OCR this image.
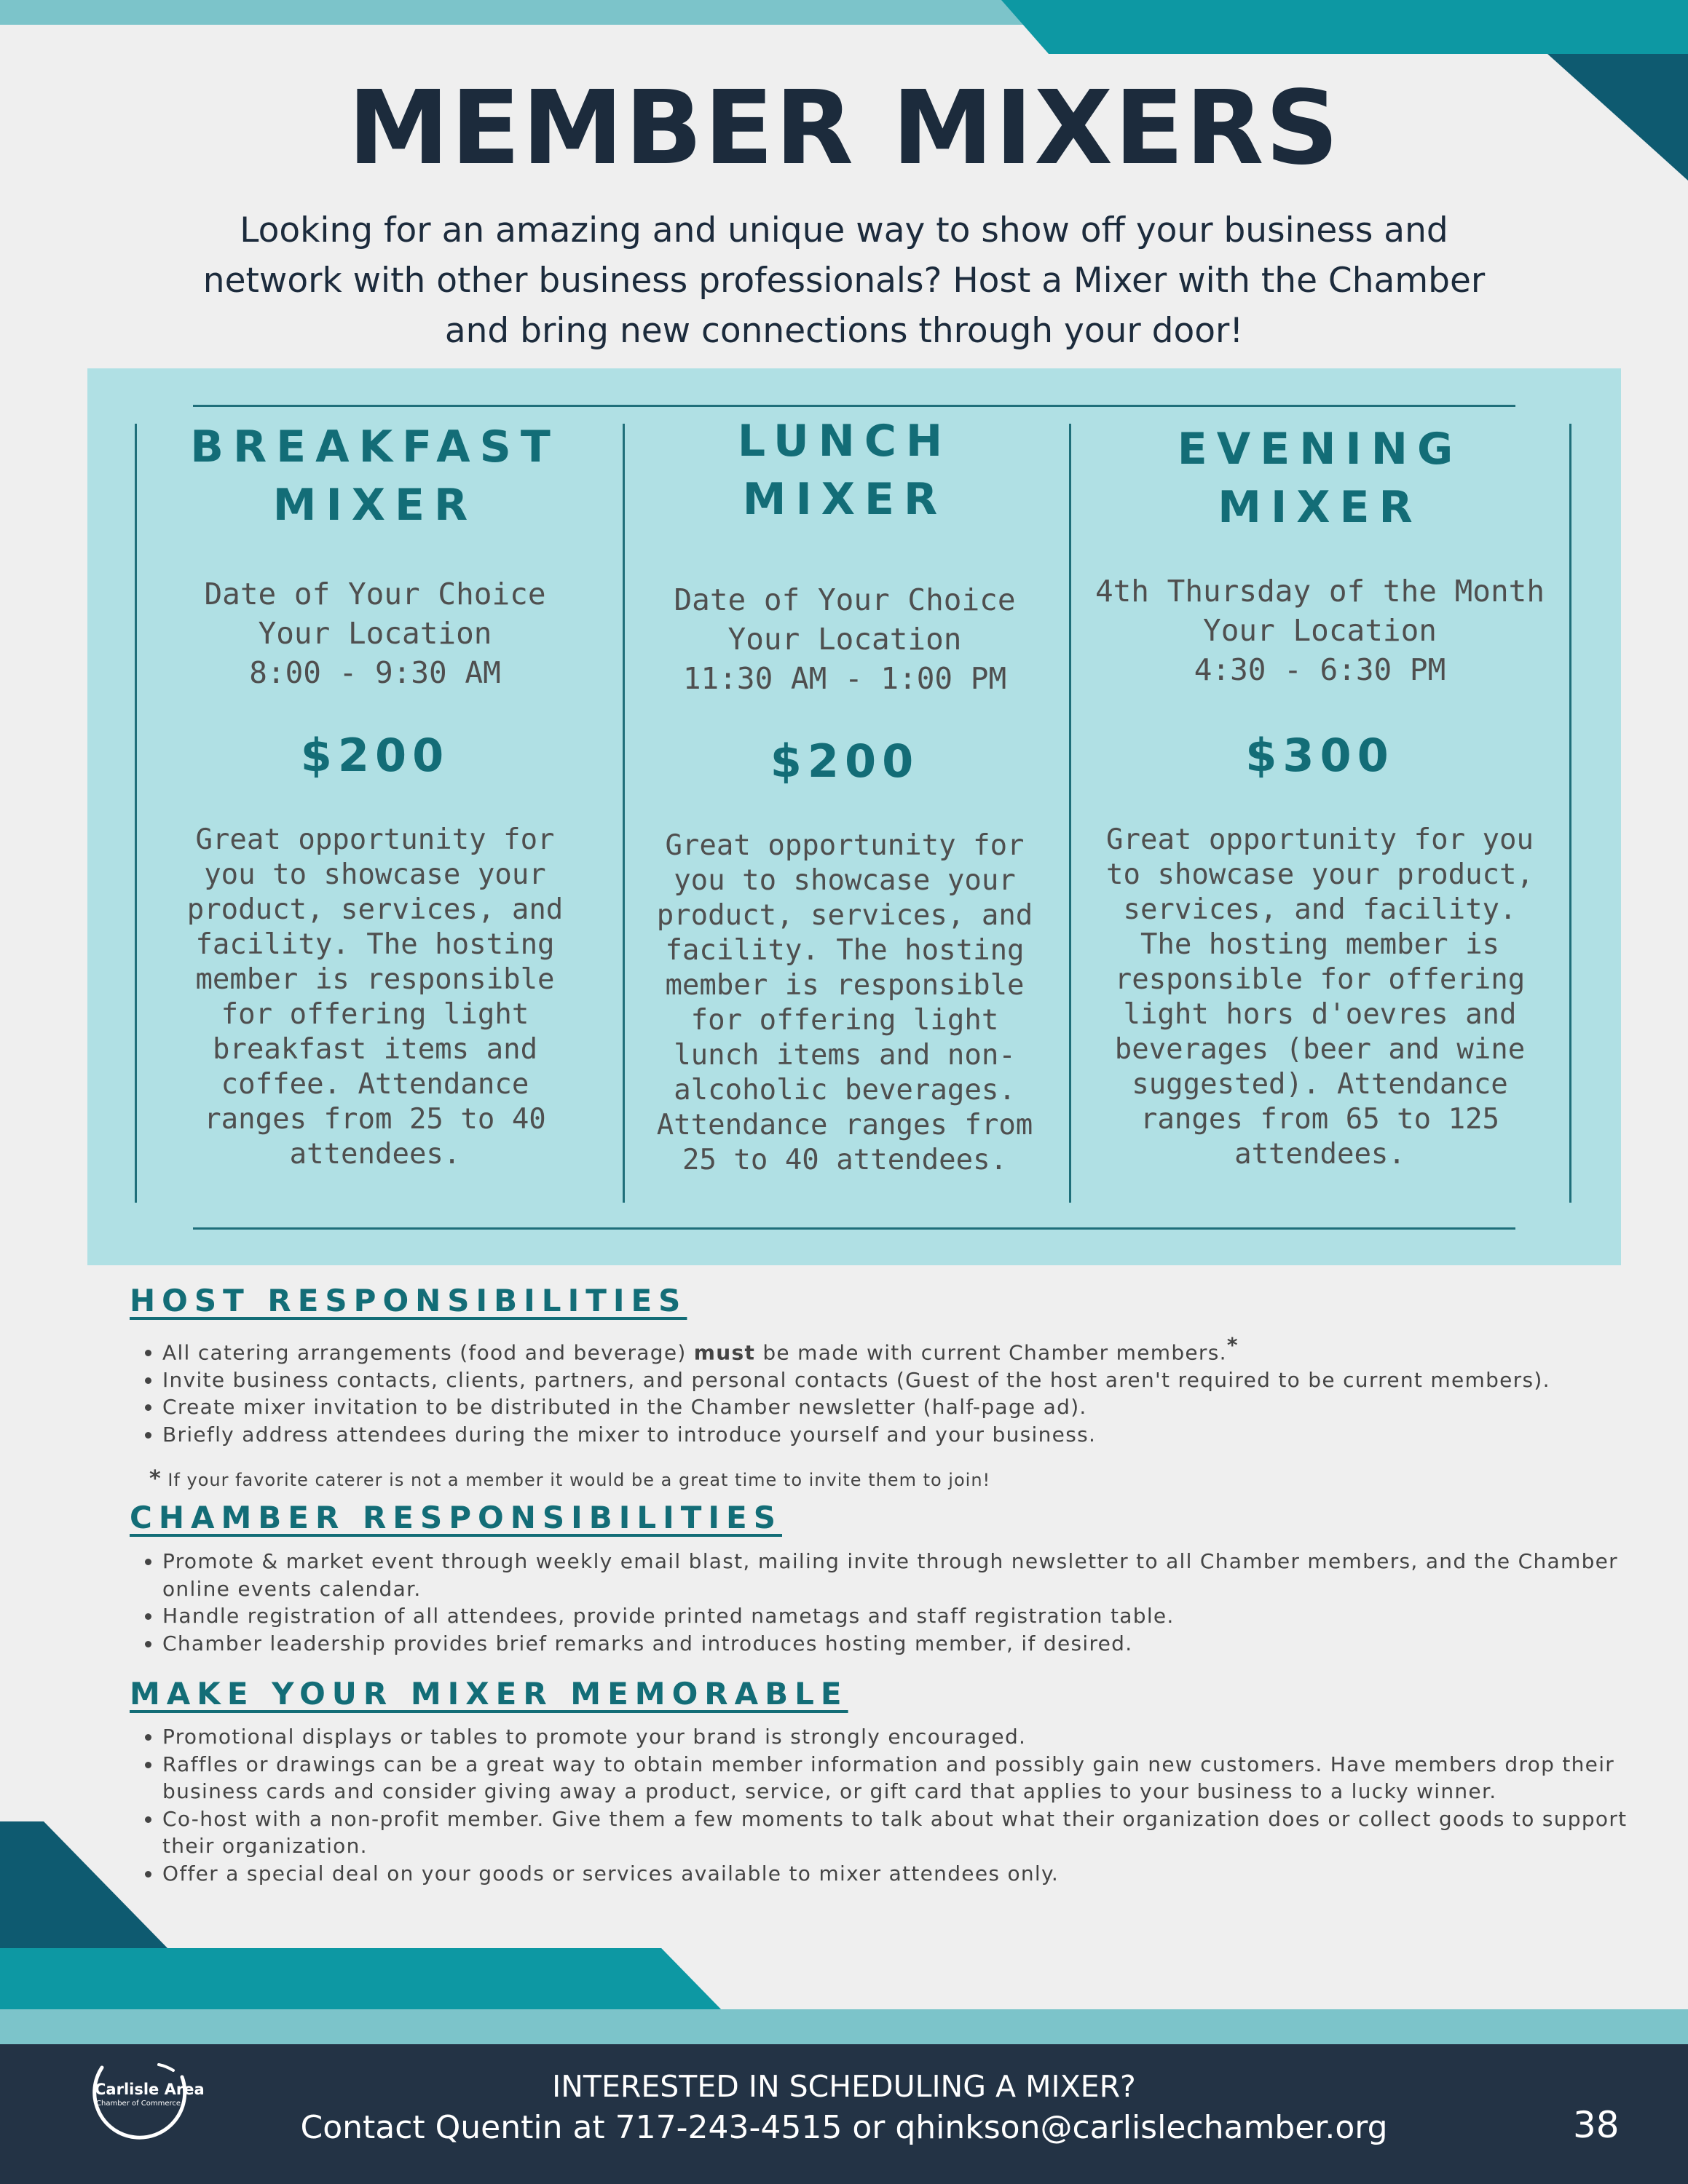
MEMBER MIXERS

Looking for an amazing and unique way to show off your business and network with other business professionals? Host a Mixer with the Chamber and bring new connections through your door!

BREAKFAST

MIXER

Date of Your Choice

Your Location

8:00 - 9:30 AM

$200

Great opportunity for you to showcase your product, services, and facility. The hosting member is responsible for offering light breakfast items and coffee. Attendance ranges from 25 to 40 attendees.

LUNCH

MIXER

Date of Your Choice

Your Location

11:30 AM - 1:00 PM

$200

Great opportunity for you to showcase your product, services, and facility. The hosting member is responsible for offering light lunch items and non-alcoholic beverages. Attendance ranges from 25 to 40 attendees.

EVENING

MIXER

4th Thursday of the Month

Your Location

4:30 - 6:30 PM

$300

Great opportunity for you to showcase your product, services, and facility. The hosting member is responsible for offering light hors d'oevres and beverages (beer and wine suggested). Attendance ranges from 65 to 125 attendees.

HOST RESPONSIBILITIES

• All catering arrangements (food and beverage) must be made with current Chamber members.*
• Invite business contacts, clients, partners, and personal contacts (Guest of the host aren't required to be current members).
• Create mixer invitation to be distributed in the Chamber newsletter (half-page ad).
• Briefly address attendees during the mixer to introduce yourself and your business.
* If your favorite caterer is not a member it would be a great time to invite them to join!

CHAMBER RESPONSIBILITIES

• Promote & market event through weekly email blast, mailing invite through newsletter to all Chamber members, and the Chamber online events calendar.
• Handle registration of all attendees, provide printed nametags and staff registration table.
• Chamber leadership provides brief remarks and introduces hosting member, if desired.

MAKE YOUR MIXER MEMORABLE

• Promotional displays or tables to promote your brand is strongly encouraged.
• Raffles or drawings can be a great way to obtain member information and possibly gain new customers. Have members drop their business cards and consider giving away a product, service, or gift card that applies to your business to a lucky winner.
• Co-host with a non-profit member. Give them a few moments to talk about what their organization does or collect goods to support their organization.
• Offer a special deal on your goods or services available to mixer attendees only.
Carlisle Area
Chamber of Commerce	INTERESTED IN SCHEDULING A MIXER?

Contact Quentin at 717-243-4515 or qhinkson@carlislechamber.org	38
